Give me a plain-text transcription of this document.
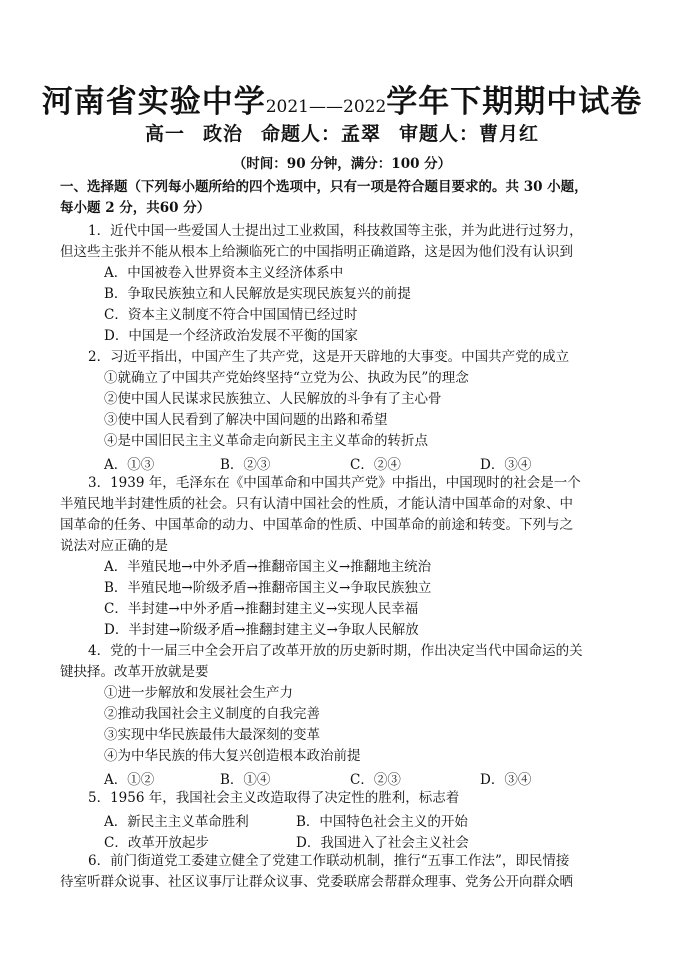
河南省实验中学2021——2022学年下期期中试卷
高一 政治 命题人：孟翠 审题人：曹月红
（时间：90 分钟，满分：100 分）
一、选择题（下列每小题所给的四个选项中，只有一项是符合题目要求的。共 30 小题，
每小题 2 分，共60 分）
1．近代中国一些爱国人士提出过工业救国，科技救国等主张，并为此进行过努力，
但这些主张并不能从根本上给濒临死亡的中国指明正确道路，这是因为他们没有认识到
A．中国被卷入世界资本主义经济体系中
B．争取民族独立和人民解放是实现民族复兴的前提
C．资本主义制度不符合中国国情已经过时
D．中国是一个经济政治发展不平衡的国家
2．习近平指出，中国产生了共产党，这是开天辟地的大事变。中国共产党的成立
①就确立了中国共产党始终坚持“立党为公、执政为民”的理念
②使中国人民谋求民族独立、人民解放的斗争有了主心骨
③使中国人民看到了解决中国问题的出路和希望
④是中国旧民主主义革命走向新民主主义革命的转折点
A．①③	B．②③	C．②④	D．③④
3．1939 年，毛泽东在《中国革命和中国共产党》中指出，中国现时的社会是一个
半殖民地半封建性质的社会。只有认清中国社会的性质，才能认清中国革命的对象、中
国革命的任务、中国革命的动力、中国革命的性质、中国革命的前途和转变。下列与之
说法对应正确的是
A．半殖民地→中外矛盾→推翻帝国主义→推翻地主统治
B．半殖民地→阶级矛盾→推翻帝国主义→争取民族独立
C．半封建→中外矛盾→推翻封建主义→实现人民幸福
D．半封建→阶级矛盾→推翻封建主义→争取人民解放
4．党的十一届三中全会开启了改革开放的历史新时期，作出决定当代中国命运的关
键抉择。改革开放就是要
①进一步解放和发展社会生产力
②推动我国社会主义制度的自我完善
③实现中华民族最伟大最深刻的变革
④为中华民族的伟大复兴创造根本政治前提
A．①②	B．①④	C．②③	D．③④
5．1956 年，我国社会主义改造取得了决定性的胜利，标志着
A．新民主主义革命胜利	B．中国特色社会主义的开始
C．改革开放起步	D．我国进入了社会主义社会
6．前门街道党工委建立健全了党建工作联动机制，推行“五事工作法”，即民情接
待室听群众说事、社区议事厅让群众议事、党委联席会帮群众理事、党务公开向群众晒
